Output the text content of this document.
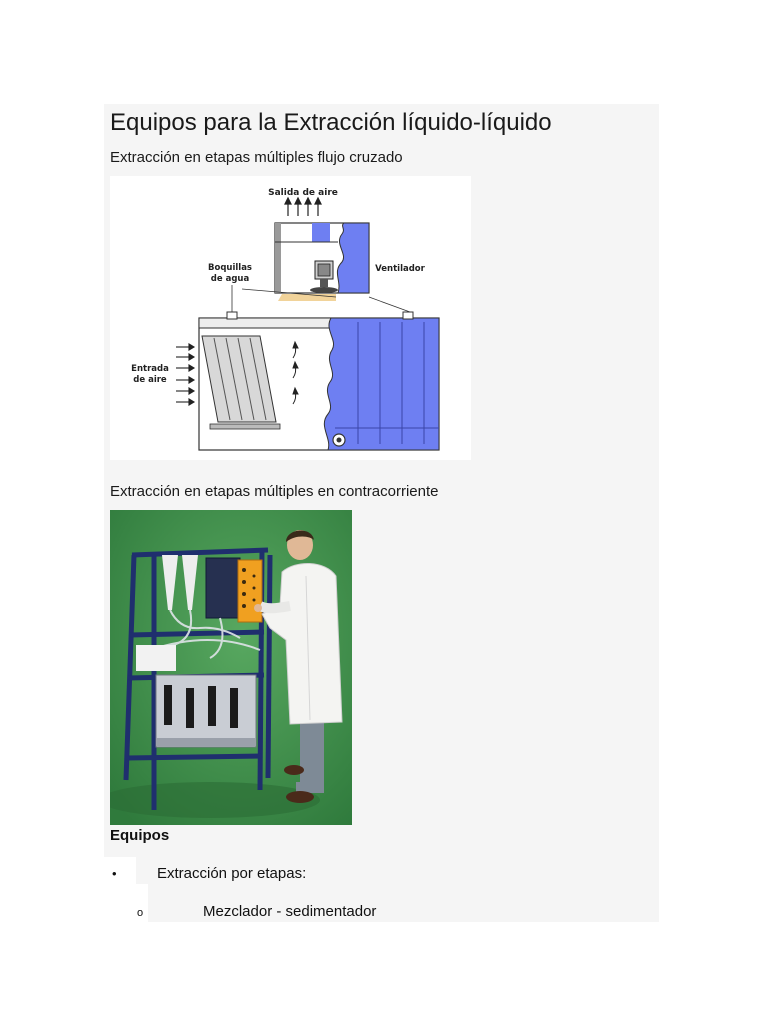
Equipos para la Extracción líquido-líquido

Extracción en etapas múltiples flujo cruzado

Salida de aire
Boquillas
de agua
Ventilador
Entrada
de aire

Extracción en etapas múltiples en contracorriente

Equipos

•	Extracción por etapas:

o	Mezclador - sedimentador
